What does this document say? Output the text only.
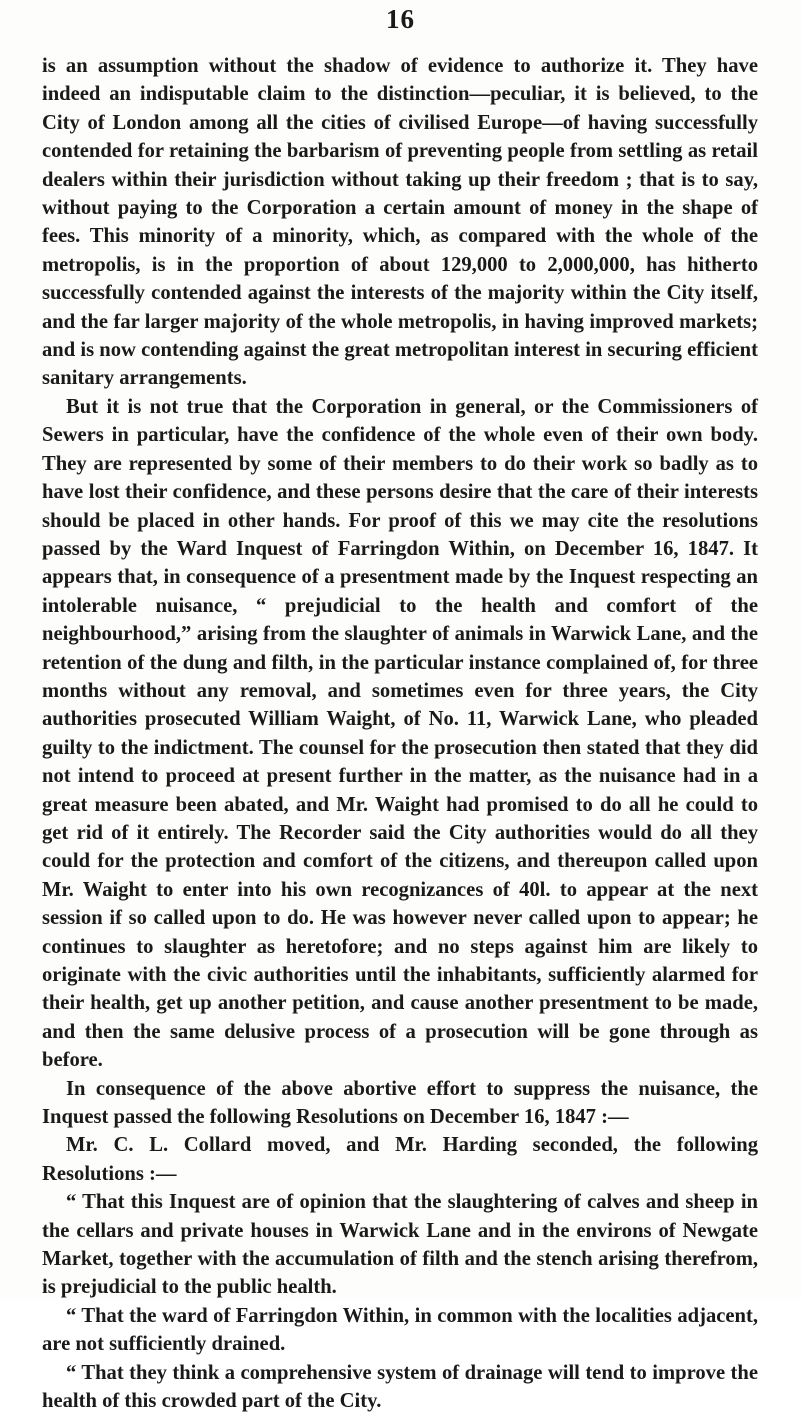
16

is an assumption without the shadow of evidence to authorize it. They have indeed an indisputable claim to the distinction—peculiar, it is believed, to the City of London among all the cities of civilised Europe—of having successfully contended for retaining the barbarism of preventing people from settling as retail dealers within their jurisdiction without taking up their freedom ; that is to say, without paying to the Corporation a certain amount of money in the shape of fees. This minority of a minority, which, as compared with the whole of the metropolis, is in the proportion of about 129,000 to 2,000,000, has hitherto successfully contended against the interests of the majority within the City itself, and the far larger majority of the whole metropolis, in having improved markets; and is now contending against the great metropolitan interest in securing efficient sanitary arrangements.

But it is not true that the Corporation in general, or the Commissioners of Sewers in particular, have the confidence of the whole even of their own body. They are represented by some of their members to do their work so badly as to have lost their confidence, and these persons desire that the care of their interests should be placed in other hands. For proof of this we may cite the resolutions passed by the Ward Inquest of Farringdon Within, on December 16, 1847. It appears that, in consequence of a presentment made by the Inquest respecting an intolerable nuisance, “ prejudicial to the health and comfort of the neighbourhood,” arising from the slaughter of animals in Warwick Lane, and the retention of the dung and filth, in the particular instance complained of, for three months without any removal, and sometimes even for three years, the City authorities prosecuted William Waight, of No. 11, Warwick Lane, who pleaded guilty to the indictment. The counsel for the prosecution then stated that they did not intend to proceed at present further in the matter, as the nuisance had in a great measure been abated, and Mr. Waight had promised to do all he could to get rid of it entirely. The Recorder said the City authorities would do all they could for the protection and comfort of the citizens, and thereupon called upon Mr. Waight to enter into his own recognizances of 40l. to appear at the next session if so called upon to do. He was however never called upon to appear; he continues to slaughter as heretofore; and no steps against him are likely to originate with the civic authorities until the inhabitants, sufficiently alarmed for their health, get up another petition, and cause another presentment to be made, and then the same delusive process of a prosecution will be gone through as before.

In consequence of the above abortive effort to suppress the nuisance, the Inquest passed the following Resolutions on December 16, 1847 :—

Mr. C. L. Collard moved, and Mr. Harding seconded, the following Resolutions :—

“ That this Inquest are of opinion that the slaughtering of calves and sheep in the cellars and private houses in Warwick Lane and in the environs of Newgate Market, together with the accumulation of filth and the stench arising therefrom, is prejudicial to the public health.

“ That the ward of Farringdon Within, in common with the localities adjacent, are not sufficiently drained.

“ That they think a comprehensive system of drainage will tend to improve the health of this crowded part of the City.
